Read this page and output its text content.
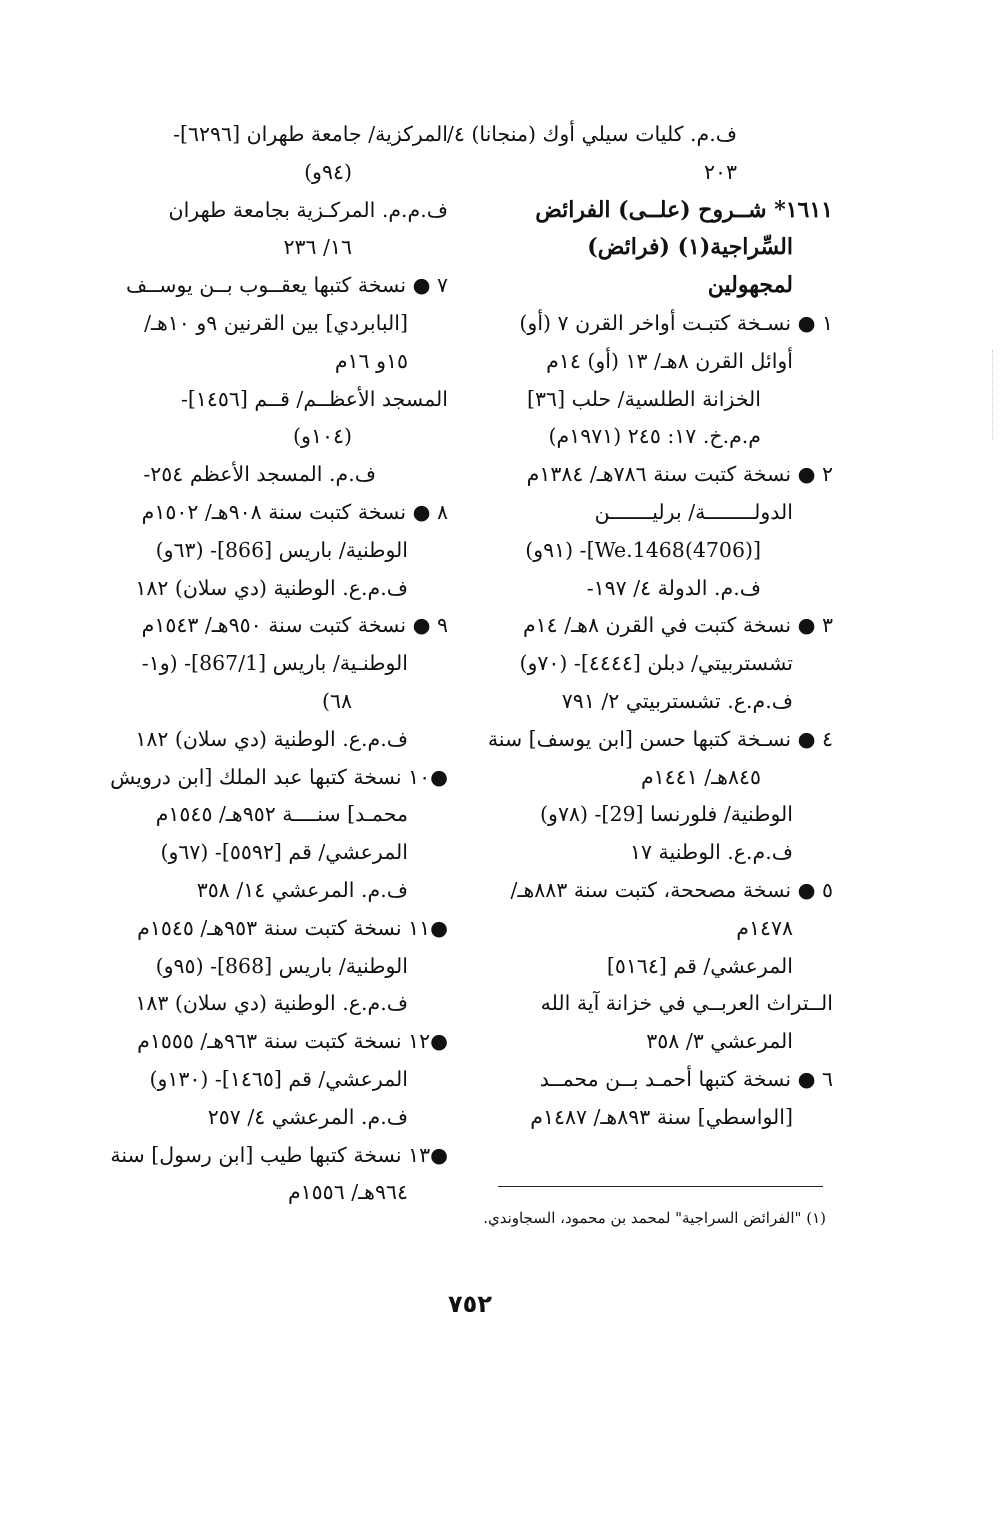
ف.م. كليات سيلي أوك (منجانا) ٤/
٢٠٣
١٦١١* شــروح (علــى) الفرائض
السِّراجية(١) (فرائض)
لمجهولين
١ ● نسـخة كتبـت أواخر القرن ٧ (أو)
أوائل القرن ٨هـ/ ١٣ (أو) ١٤م
الخزانة الطلسية/ حلب [٣٦]
م.م.خ. ١٧: ٢٤٥ (١٩٧١م)
٢ ● نسخة كتبت سنة ٧٨٦هـ/ ١٣٨٤م
الدولــــــــة/ برليـــــــن
[We.1468(4706)]- (٩١و)
ف.م. الدولة ٤/ ١٩٧-
٣ ● نسخة كتبت في القرن ٨هـ/ ١٤م
تشستربيتي/ دبلن [٤٤٤٤]- (٧٠و)
ف.م.ع. تشستربيتي ٢/ ٧٩١
٤ ● نسـخة كتبها حسن [ابن يوسف] سنة
٨٤٥هـ/ ١٤٤١م
الوطنية/ فلورنسا [29]- (٧٨و)
ف.م.ع. الوطنية ١٧
٥ ● نسخة مصححة، كتبت سنة ٨٨٣هـ/
١٤٧٨م
المرعشي/ قم [٥١٦٤]
الــتراث العربــي في خزانة آية الله
المرعشي ٣/ ٣٥٨
٦ ● نسخة كتبها أحمـد بــن محمــد
[الواسطي] سنة ٨٩٣هـ/ ١٤٨٧م
المركزية/ جامعة طهران [٦٢٩٦]-
(٩٤و)
ف.م.م. المركـزية بجامعة طهران
١٦/ ٢٣٦
٧ ● نسخة كتبها يعقــوب بــن يوســف
[البابردي] بين القرنين ٩و ١٠هـ/
١٥و ١٦م
المسجد الأعظــم/ قــم [١٤٥٦]-
(١٠٤و)
ف.م. المسجد الأعظم ٢٥٤-
٨ ● نسخة كتبت سنة ٩٠٨هـ/ ١٥٠٢م
الوطنية/ باريس [866]- (٦٣و)
ف.م.ع. الوطنية (دي سلان) ١٨٢
٩ ● نسخة كتبت سنة ٩٥٠هـ/ ١٥٤٣م
الوطنـية/ باريس [867/1]- (و١-
٦٨)
ف.م.ع. الوطنية (دي سلان) ١٨٢
●١٠ نسخة كتبها عبد الملك [ابن درويش
محمـد] سنــــة ٩٥٢هـ/ ١٥٤٥م
المرعشي/ قم [٥٥٩٢]- (٦٧و)
ف.م. المرعشي ١٤/ ٣٥٨
●١١ نسخة كتبت سنة ٩٥٣هـ/ ١٥٤٥م
الوطنية/ باريس [868]- (٩٥و)
ف.م.ع. الوطنية (دي سلان) ١٨٣
●١٢ نسخة كتبت سنة ٩٦٣هـ/ ١٥٥٥م
المرعشي/ قم [١٤٦٥]- (١٣٠و)
ف.م. المرعشي ٤/ ٢٥٧
●١٣ نسخة كتبها طيب [ابن رسول] سنة
٩٦٤هـ/ ١٥٥٦م
(١) "الفرائض السراجية" لمحمد بن محمود، السجاوندي.
٧٥٢
